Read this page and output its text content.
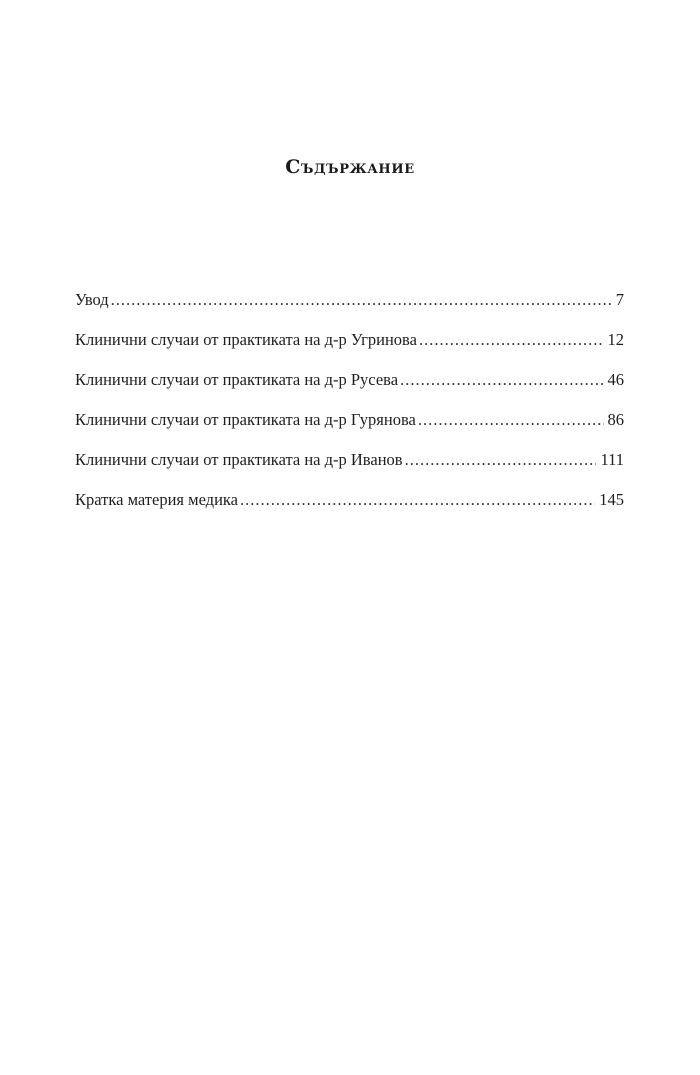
Съдържание
Увод .....	7
Клинични случаи от практиката на д-р Угринова .....	12
Клинични случаи от практиката на д-р Русева .....	46
Клинични случаи от практиката на д-р Гурянова .....	86
Клинични случаи от практиката на д-р Иванов .....	111
Кратка материя медика .....	145
